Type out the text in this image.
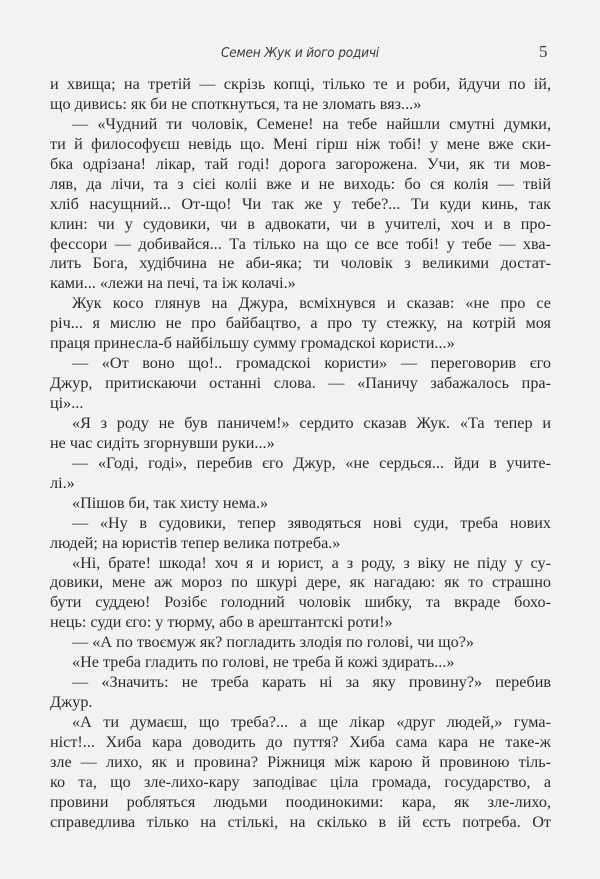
Семен Жук и його родичі	5
и хвища; на третій — скрізь копці, тілько те и роби, йдучи по ій,
що дивись: як би не споткнуться, та не зломать вяз...»
— «Чудний ти чоловік, Семене! на тебе найшли смутні думки,
ти й философуєш невідь що. Мені гірш ніж тобі! у мене вже ски-
бка одрізана! лікар, тай годі! дорога загорожена. Учи, як ти мов-
ляв, да лічи, та з сієі коліі вже и не виходь: бо ся колія — твій
хліб насущний... От-що! Чи так же у тебе?... Ти куди кинь, так
клин: чи у судовики, чи в адвокати, чи в учителі, хоч и в про-
фессори — добивайся... Та тілько на що се все тобі! у тебе — хва-
лить Бога, худібчина не аби-яка; ти чоловік з великими достат-
ками... «лежи на печі, та іж колачі.»
Жук косо глянув на Джура, всміхнувся и сказав: «не про се
річ... я мислю не про байбацтво, а про ту стежку, на котрій моя
праця принесла-б найбільшу сумму громадскоі користи...»
— «От воно що!.. громадскоі користи» — переговорив єго
Джур, притискаючи останні слова. — «Паничу забажалось пра-
ці»...
«Я з роду не був паничем!» сердито сказав Жук. «Та тепер и
не час сидіть згорнувши руки...»
— «Годі, годі», перебив єго Джур, «не сердься... йди в учите-
лі.»
«Пішов би, так хисту нема.»
— «Ну в судовики, тепер зяводяться нові суди, треба нових
людей; на юристів тепер велика потреба.»
«Ні, брате! шкода! хоч я и юрист, а з роду, з віку не піду у су-
довики, мене аж мороз по шкурі дере, як нагадаю: як то страшно
бути суддею! Розібє голодний чоловік шибку, та вкраде бохо-
нець: суди єго: у тюрму, або в арештантскі роти!»
— «А по твоємуж як? погладить злодія по голові, чи що?»
«Не треба гладить по голові, не треба й кожі здирать...»
— «Значить: не треба карать ні за яку провину?» перебив
Джур.
«А ти думаєш, що треба?... а ще лікар «друг людей,» гума-
ніст!... Хиба кара доводить до пуття? Хиба сама кара не таке-ж
зле — лихо, як и провина? Ріжниця між карою й провиною тіль-
ко та, що зле-лихо-кару заподіває ціла громада, государство, а
провини робляться людьми поодинокими: кара, як зле-лихо,
справедлива тілько на стількі, на скілько в ій єсть потреба. От
